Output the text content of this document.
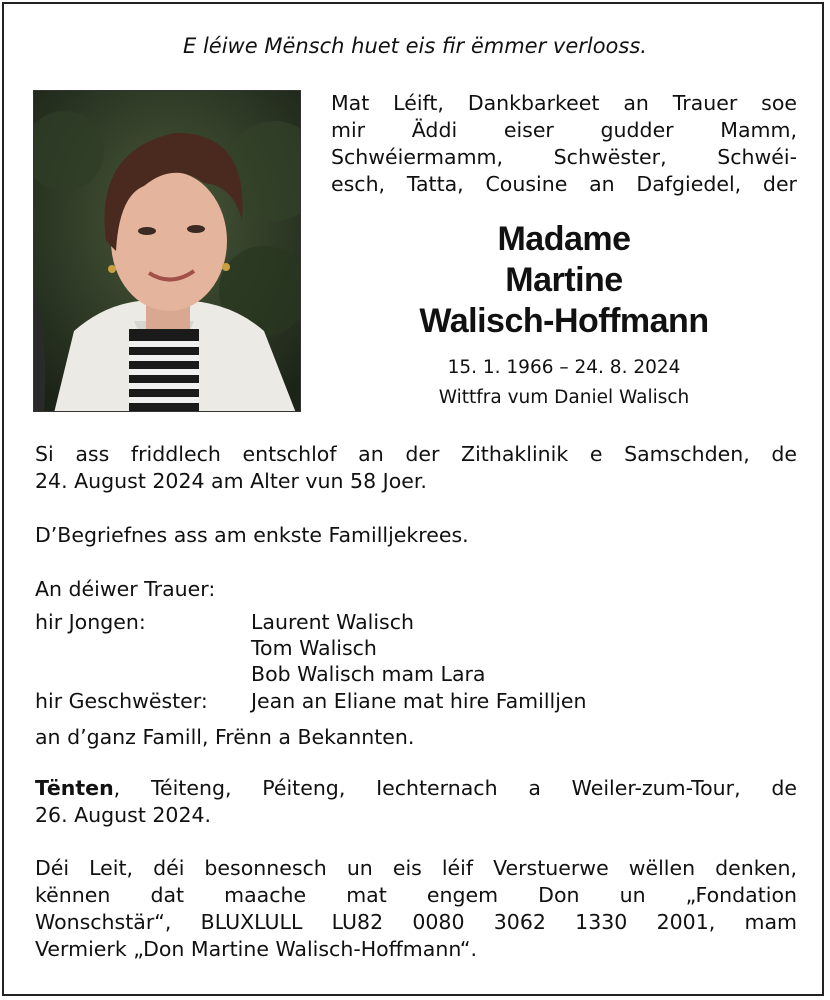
E léiwe Mënsch huet eis fir ëmmer verlooss.
Mat Léift, Dankbarkeet an Trauer soe
mir Äddi eiser gudder Mamm,
Schwéiermamm, Schwëster, Schwéi-
esch, Tatta, Cousine an Dafgiedel, der
Madame
Martine
Walisch-Hoffmann
15. 1. 1966 – 24. 8. 2024
Wittfra vum Daniel Walisch
Si ass friddlech entschlof an der Zithaklinik e Samschden, de
24. August 2024 am Alter vun 58 Joer.
D’Begriefnes ass am enkste Familljekrees.
An déiwer Trauer:
hir Jongen:	Laurent Walisch
Tom Walisch
Bob Walisch mam Lara
hir Geschwëster: Jean an Eliane mat hire Familljen
an d’ganz Famill, Frënn a Bekannten.
Tënten, Téiteng, Péiteng, Iechternach a Weiler-zum-Tour, de
26. August 2024.
Déi Leit, déi besonnesch un eis léif Verstuerwe wëllen denken,
kënnen dat maache mat engem Don un „Fondation
Wonschstär“, BLUXLULL LU82 0080 3062 1330 2001, mam
Vermierk „Don Martine Walisch-Hoffmann“.
